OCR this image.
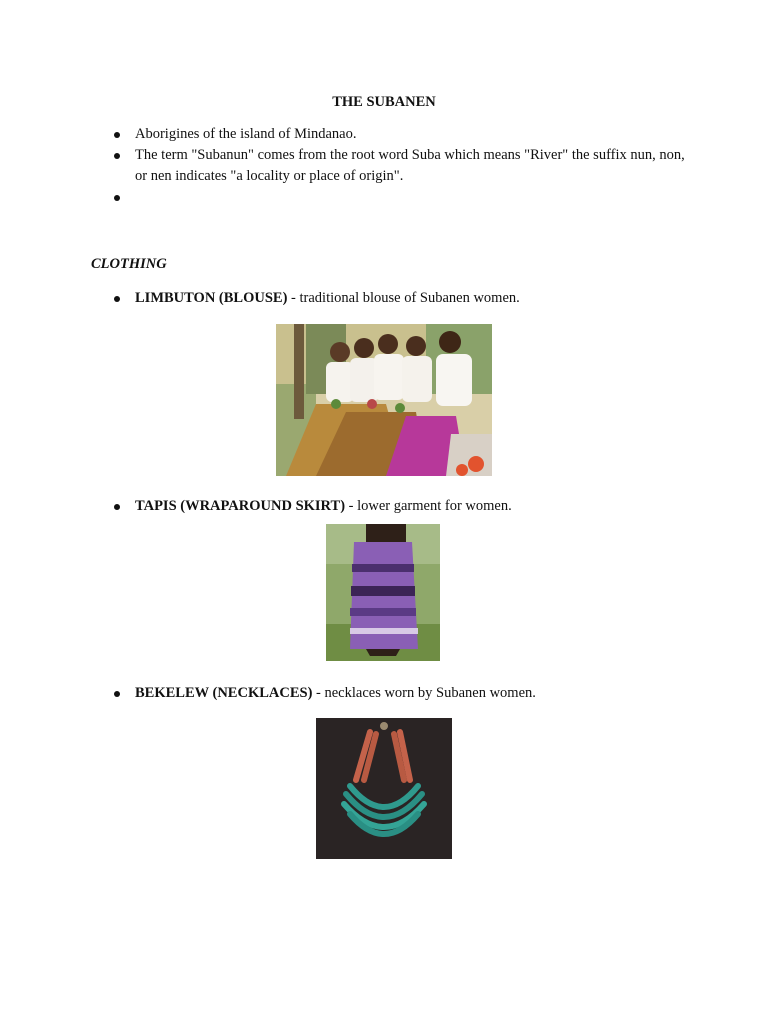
THE SUBANEN
Aborigines of the island of Mindanao.
The term "Subanun" comes from the root word Suba which means "River" the suffix nun, non, or nen indicates "a locality or place of origin".
CLOTHING
LIMBUTON (BLOUSE) - traditional blouse of Subanen women.
TAPIS (WRAPAROUND SKIRT) - lower garment for women.
BEKELEW (NECKLACES) - necklaces worn by Subanen women.
